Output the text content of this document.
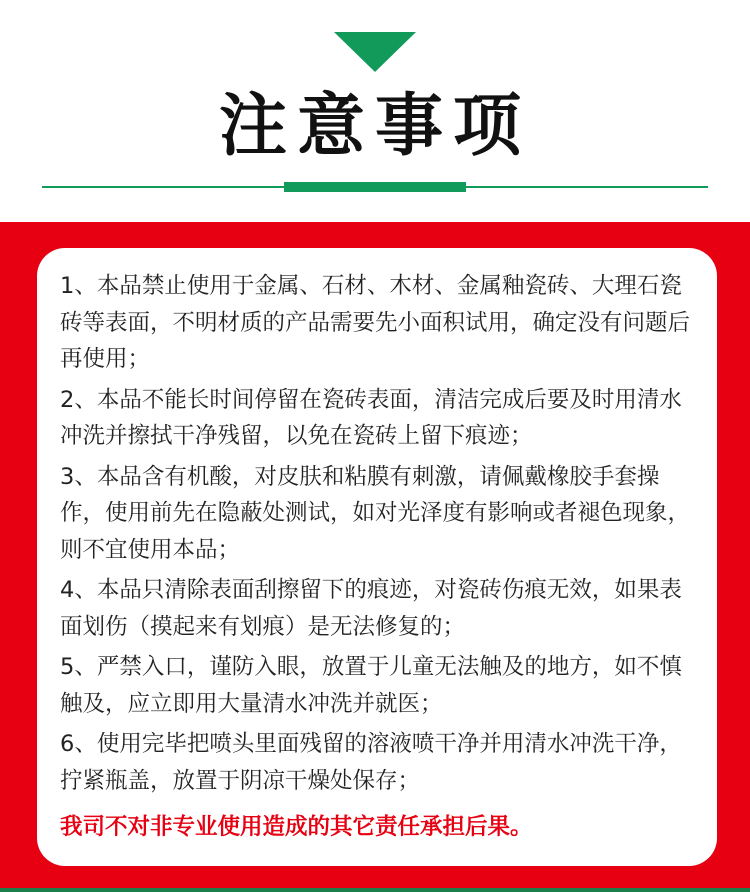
注意事项

1、本品禁止使用于金属、石材、木材、金属釉瓷砖、大理石瓷砖等表面，不明材质的产品需要先小面积试用，确定没有问题后再使用；

2、本品不能长时间停留在瓷砖表面，清洁完成后要及时用清水冲洗并擦拭干净残留，以免在瓷砖上留下痕迹；

3、本品含有机酸，对皮肤和粘膜有刺激，请佩戴橡胶手套操作，使用前先在隐蔽处测试，如对光泽度有影响或者褪色现象，则不宜使用本品；

4、本品只清除表面刮擦留下的痕迹，对瓷砖伤痕无效，如果表面划伤（摸起来有划痕）是无法修复的；

5、严禁入口，谨防入眼，放置于儿童无法触及的地方，如不慎触及，应立即用大量清水冲洗并就医；

6、使用完毕把喷头里面残留的溶液喷干净并用清水冲洗干净，拧紧瓶盖，放置于阴凉干燥处保存；

我司不对非专业使用造成的其它责任承担后果。
